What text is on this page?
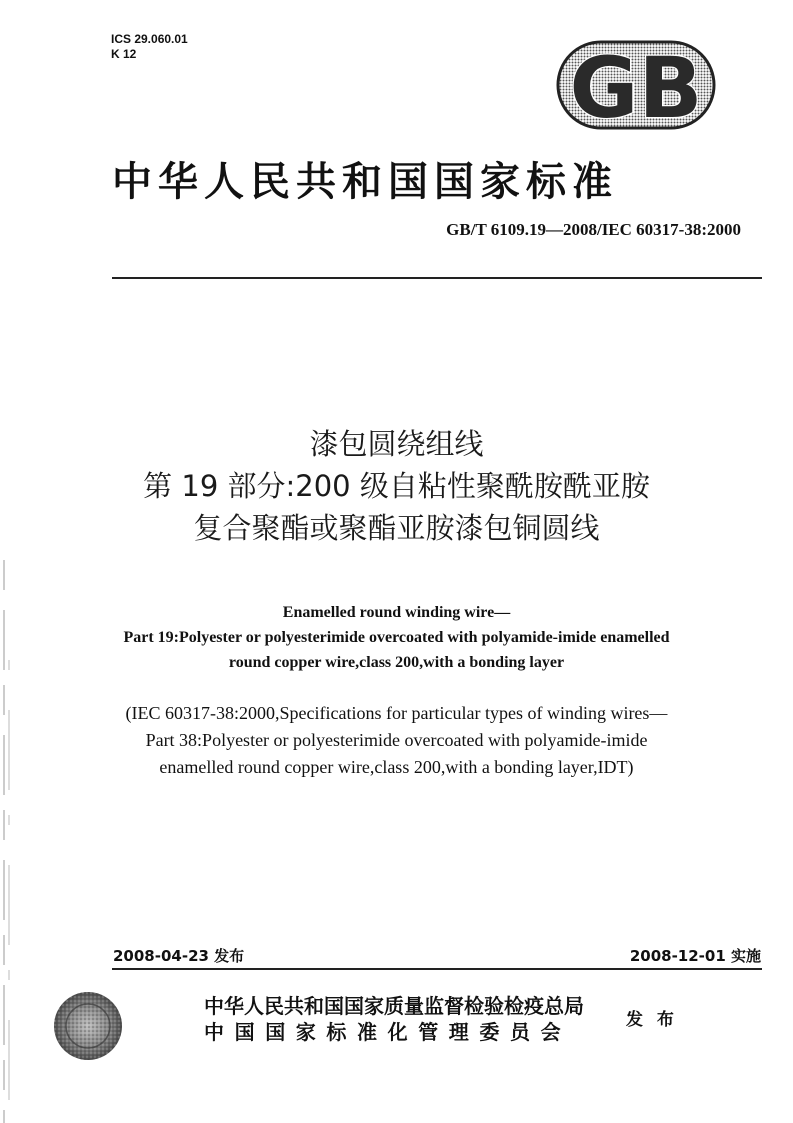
ICS 29.060.01
K 12	GB
中华人民共和国国家标准
GB/T 6109.19—2008/IEC 60317-38:2000
漆包圆绕组线
第 19 部分:200 级自粘性聚酰胺酰亚胺
复合聚酯或聚酯亚胺漆包铜圆线
Enamelled round winding wire—
Part 19:Polyester or polyesterimide overcoated with polyamide-imide enamelled
round copper wire,class 200,with a bonding layer
(IEC 60317-38:2000,Specifications for particular types of winding wires—
Part 38:Polyester or polyesterimide overcoated with polyamide-imide
enamelled round copper wire,class 200,with a bonding layer,IDT)
2008-04-23 发布	2008-12-01 实施
中华人民共和国国家质量监督检验检疫总局
中国国家标准化管理委员会	发 布
